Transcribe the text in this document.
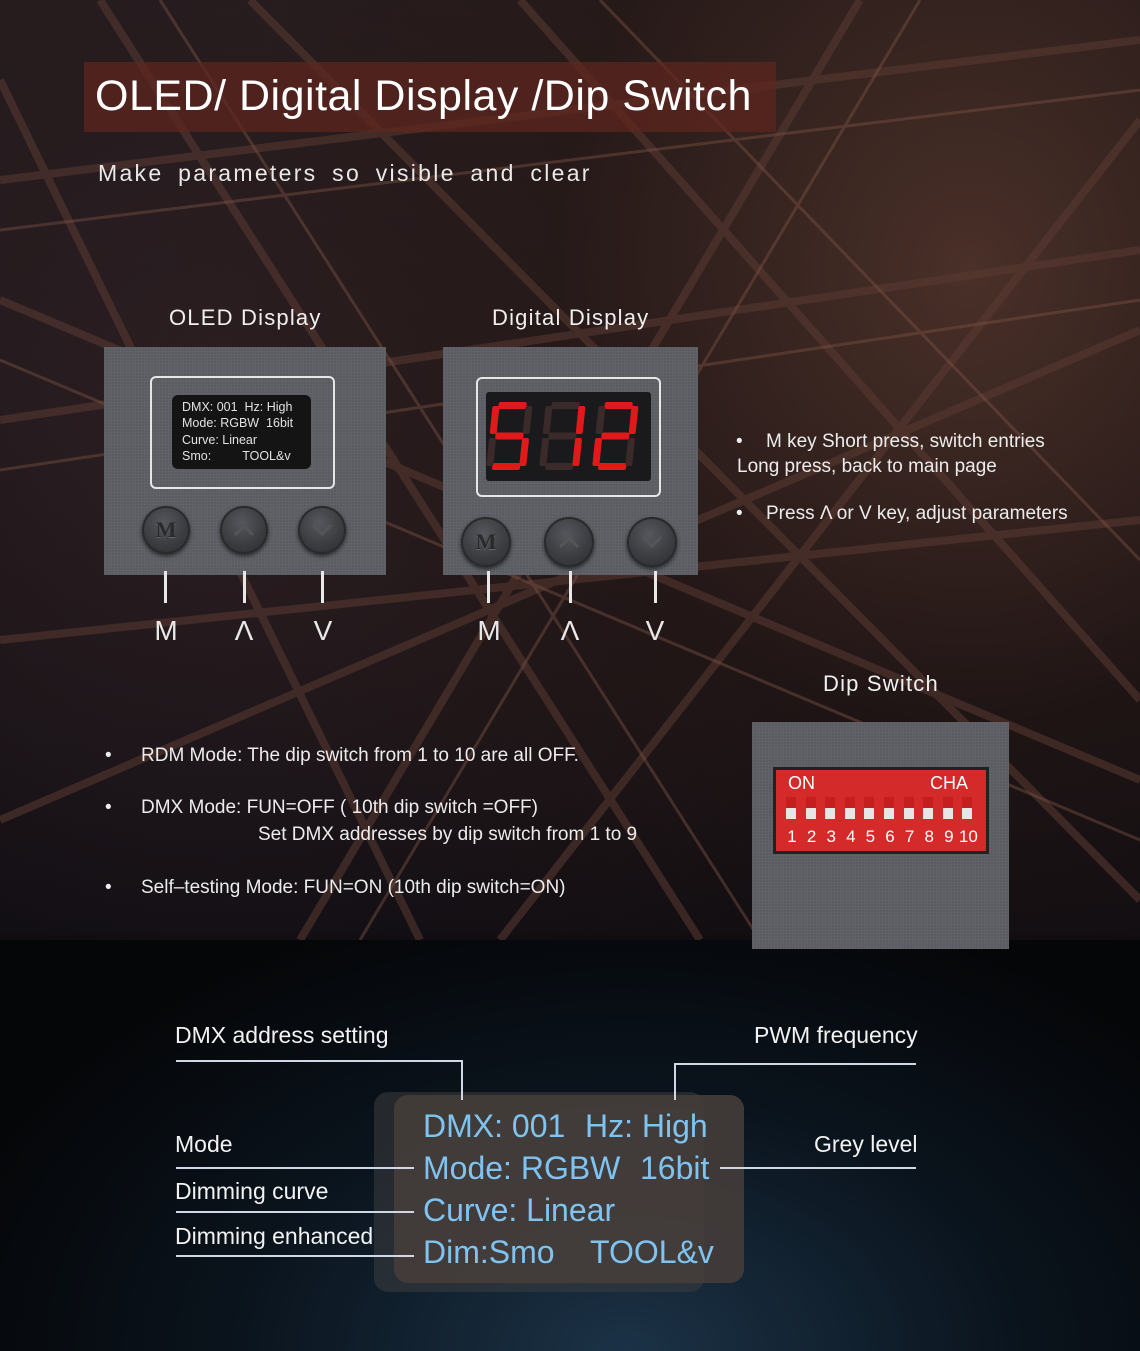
OLED/ Digital Display /Dip Switch
Make parameters so visible and clear
OLED Display
DMX: 001  Hz: High
Mode: RGBW  16bit
Curve: Linear
Smo:         TOOL&v
M
M	Λ	V
Digital Display
M
M	Λ	V
• M key Short press, switch entries
Long press, back to main page
• Press Λ or V key, adjust parameters
Dip Switch
ON	CHA
1 2 3 4 5 6 7 8 9 10
• RDM Mode: The dip switch from 1 to 10 are all OFF.
• DMX Mode: FUN=OFF ( 10th dip switch =OFF)
Set DMX addresses by dip switch from 1 to 9
• Self–testing Mode: FUN=ON (10th dip switch=ON)
DMX: 001 Hz: High
Mode: RGBW 16bit
Curve: Linear
Dim:Smo TOOL&v
DMX address setting	PWM frequency
Mode	Grey level
Dimming curve
Dimming enhanced
